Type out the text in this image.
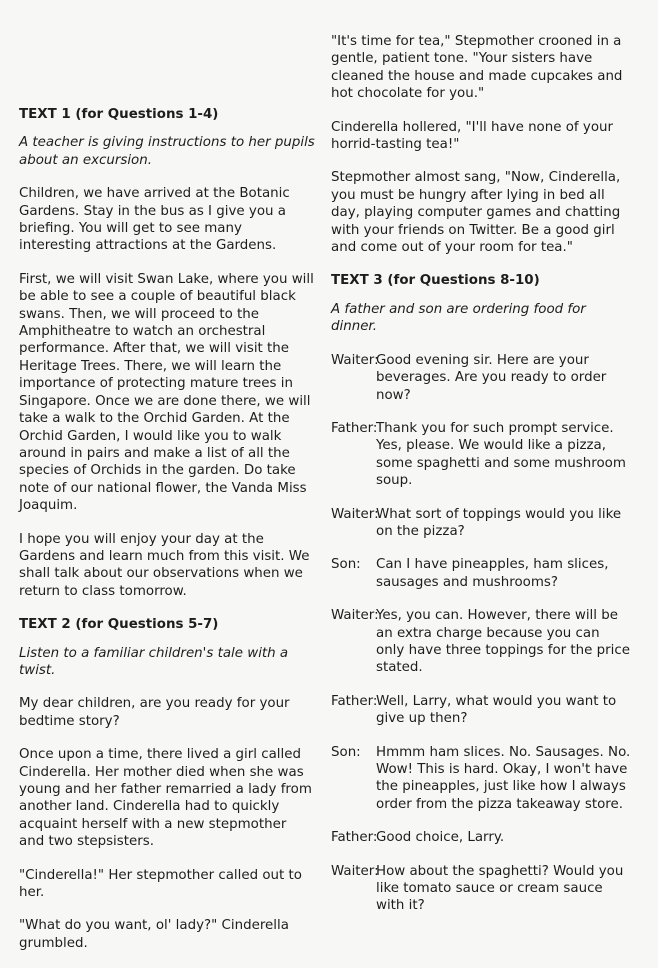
TEXT 1 (for Questions 1-4)

A teacher is giving instructions to her pupils about an excursion.

Children, we have arrived at the Botanic Gardens. Stay in the bus as I give you a briefing. You will get to see many interesting attractions at the Gardens.

First, we will visit Swan Lake, where you will be able to see a couple of beautiful black swans. Then, we will proceed to the Amphitheatre to watch an orchestral performance. After that, we will visit the Heritage Trees. There, we will learn the importance of protecting mature trees in Singapore. Once we are done there, we will take a walk to the Orchid Garden. At the Orchid Garden, I would like you to walk around in pairs and make a list of all the species of Orchids in the garden. Do take note of our national flower, the Vanda Miss Joaquim.

I hope you will enjoy your day at the Gardens and learn much from this visit. We shall talk about our observations when we return to class tomorrow.

TEXT 2 (for Questions 5-7)

Listen to a familiar children's tale with a twist.

My dear children, are you ready for your bedtime story?

Once upon a time, there lived a girl called Cinderella. Her mother died when she was young and her father remarried a lady from another land. Cinderella had to quickly acquaint herself with a new stepmother and two stepsisters.

"Cinderella!" Her stepmother called out to her.

"What do you want, ol' lady?" Cinderella grumbled.

"It's time for tea," Stepmother crooned in a gentle, patient tone. "Your sisters have cleaned the house and made cupcakes and hot chocolate for you."

Cinderella hollered, "I'll have none of your horrid-tasting tea!"

Stepmother almost sang, "Now, Cinderella, you must be hungry after lying in bed all day, playing computer games and chatting with your friends on Twitter. Be a good girl and come out of your room for tea."

TEXT 3 (for Questions 8-10)

A father and son are ordering food for dinner.

Waiter:
Good evening sir. Here are your beverages. Are you ready to order now?
Father:
Thank you for such prompt service. Yes, please. We would like a pizza, some spaghetti and some mushroom soup.
Waiter:
What sort of toppings would you like on the pizza?
Son:	Can I have pineapples, ham slices, sausages and mushrooms?
Waiter:
Yes, you can. However, there will be an extra charge because you can only have three toppings for the price stated.
Father:
Well, Larry, what would you want to give up then?
Son:	Hmmm ham slices. No. Sausages. No. Wow! This is hard. Okay, I won't have the pineapples, just like how I always order from the pizza takeaway store.
Father:
Good choice, Larry.
Waiter:
How about the spaghetti? Would you like tomato sauce or cream sauce with it?
